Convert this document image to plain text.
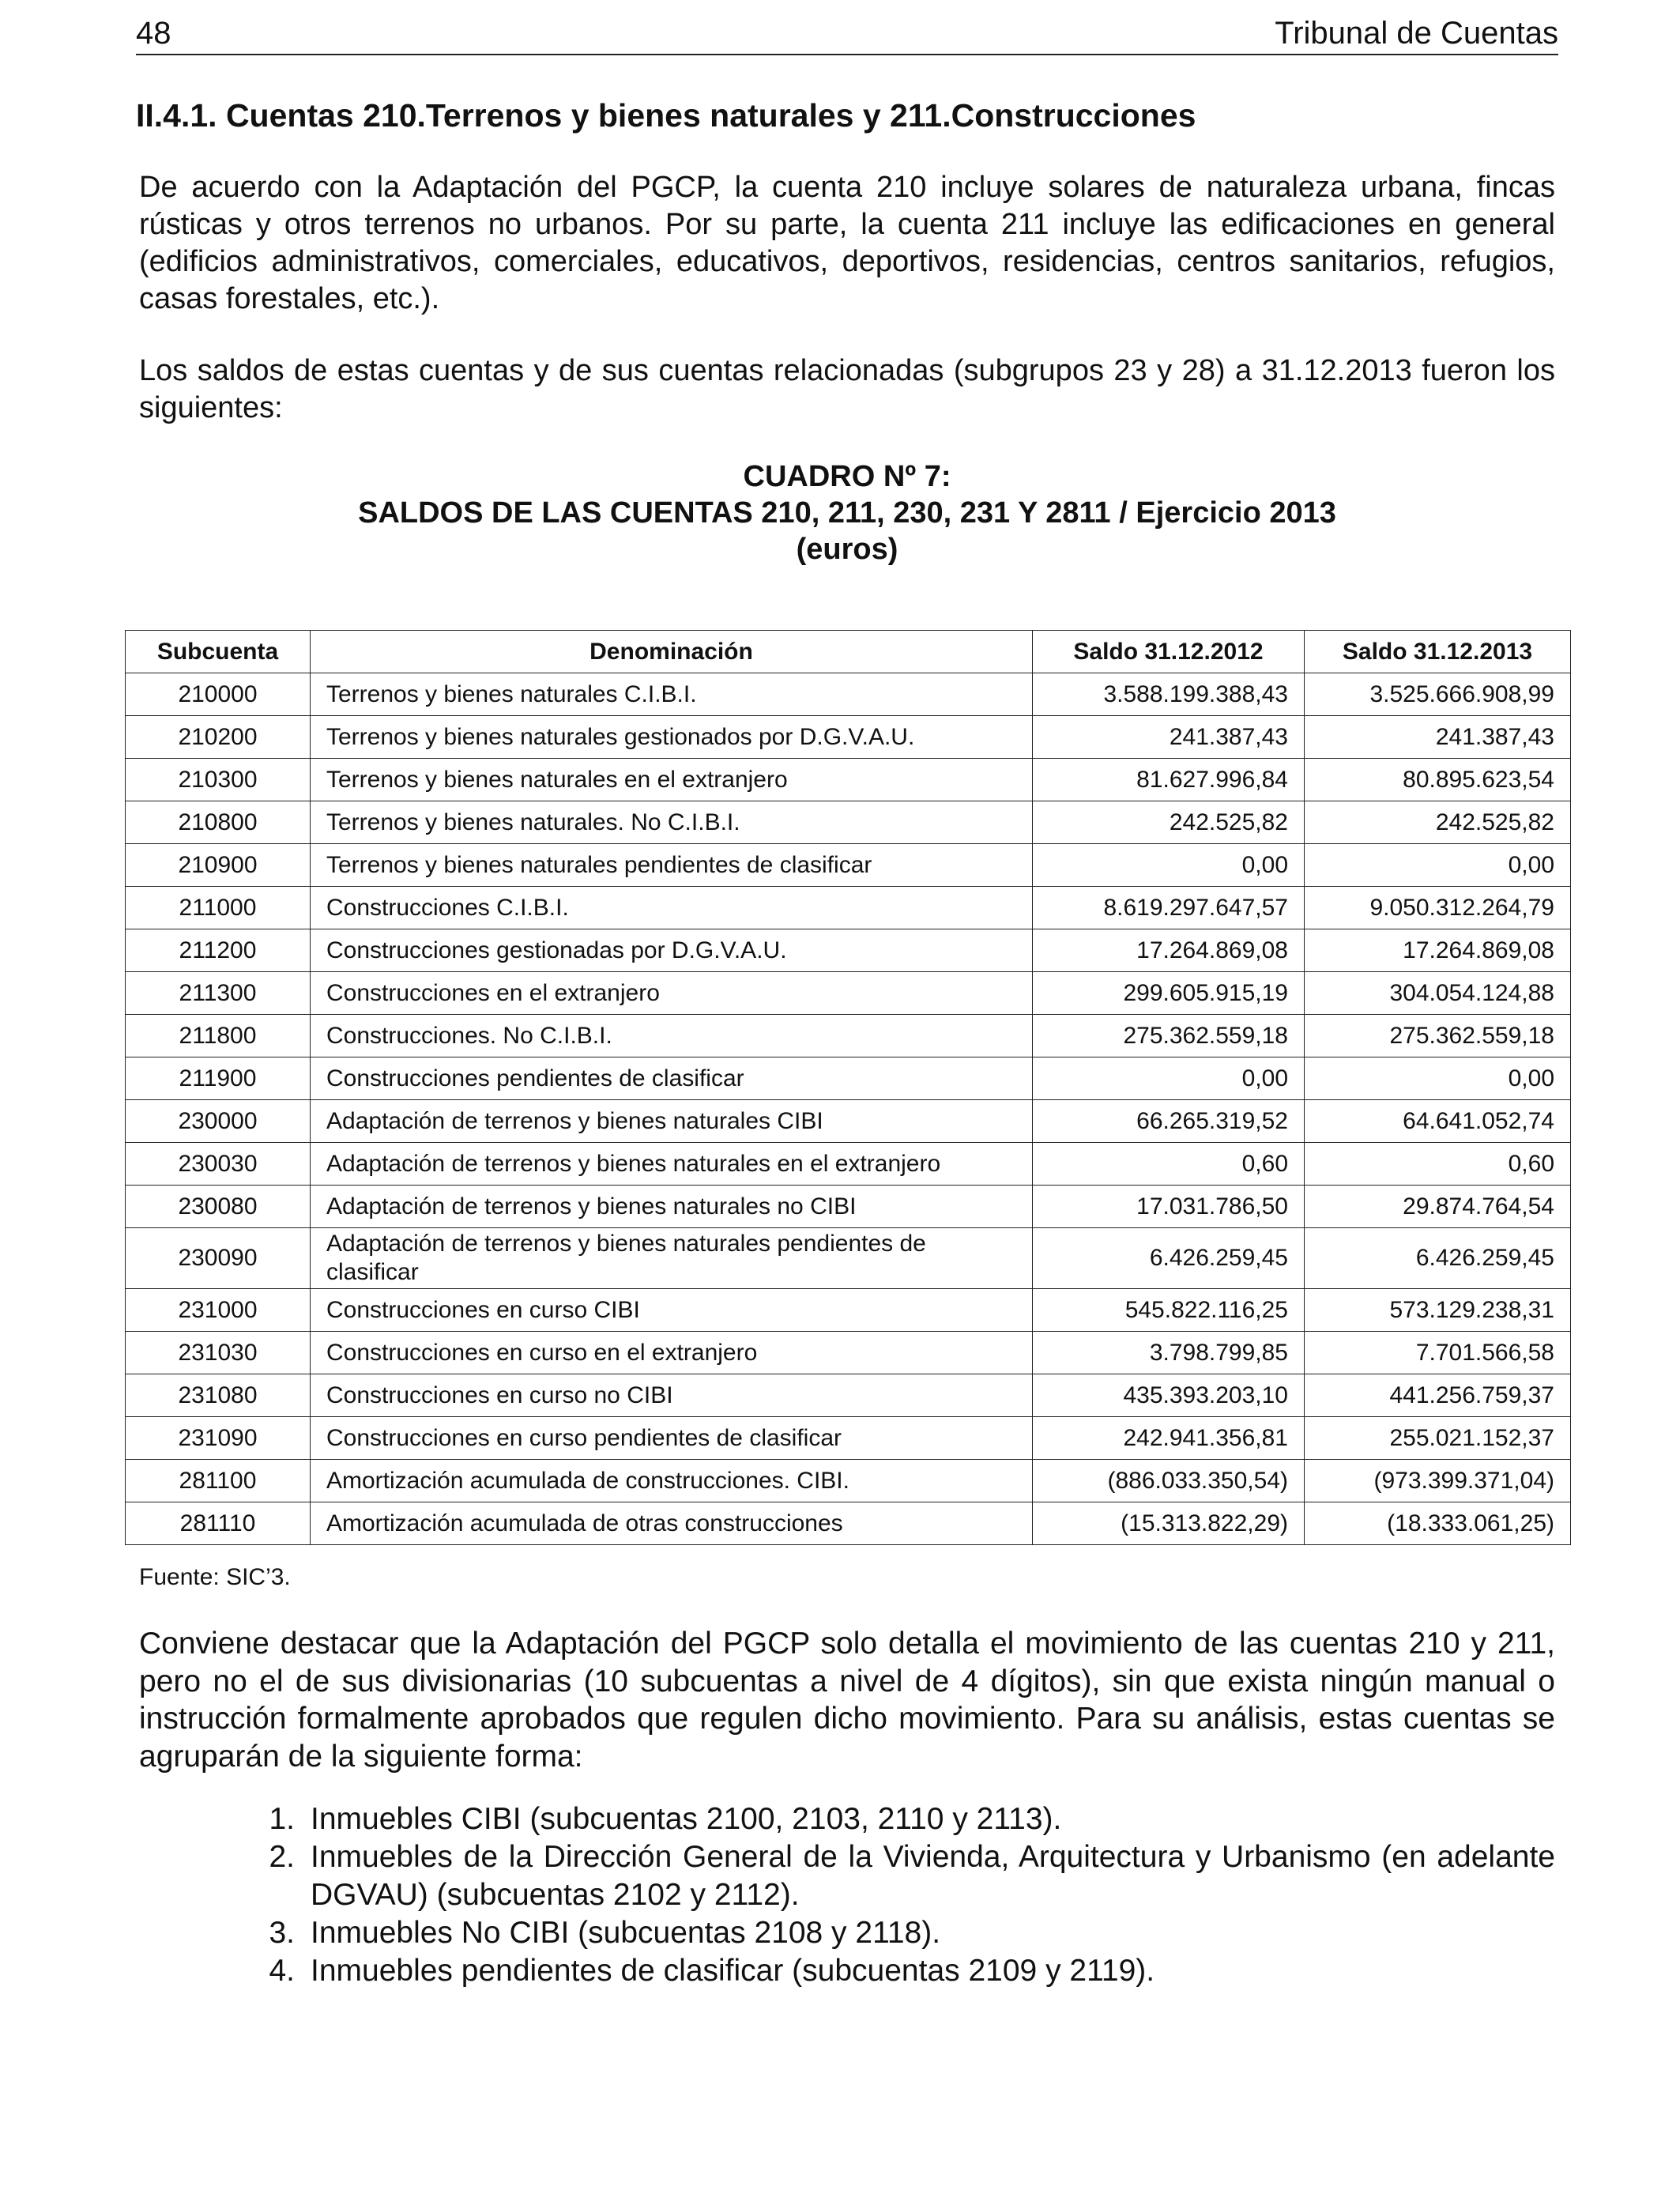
48	Tribunal de Cuentas
II.4.1. Cuentas 210.Terrenos y bienes naturales y 211.Construcciones

De acuerdo con la Adaptación del PGCP, la cuenta 210 incluye solares de naturaleza urbana, fincas rústicas y otros terrenos no urbanos. Por su parte, la cuenta 211 incluye las edificaciones en general (edificios administrativos, comerciales, educativos, deportivos, residencias, centros sanitarios, refugios, casas forestales, etc.).

Los saldos de estas cuentas y de sus cuentas relacionadas (subgrupos 23 y 28) a 31.12.2013 fueron los siguientes:

CUADRO Nº 7:
SALDOS DE LAS CUENTAS 210, 211, 230, 231 Y 2811 / Ejercicio 2013
(euros)
Subcuenta	Denominación	Saldo 31.12.2012	Saldo 31.12.2013
210000	Terrenos y bienes naturales C.I.B.I.	3.588.199.388,43	3.525.666.908,99
210200	Terrenos y bienes naturales gestionados por D.G.V.A.U.	241.387,43	241.387,43
210300	Terrenos y bienes naturales en el extranjero	81.627.996,84	80.895.623,54
210800	Terrenos y bienes naturales. No C.I.B.I.	242.525,82	242.525,82
210900	Terrenos y bienes naturales pendientes de clasificar	0,00	0,00
211000	Construcciones C.I.B.I.	8.619.297.647,57	9.050.312.264,79
211200	Construcciones gestionadas por D.G.V.A.U.	17.264.869,08	17.264.869,08
211300	Construcciones en el extranjero	299.605.915,19	304.054.124,88
211800	Construcciones. No C.I.B.I.	275.362.559,18	275.362.559,18
211900	Construcciones pendientes de clasificar	0,00	0,00
230000	Adaptación de terrenos y bienes naturales CIBI	66.265.319,52	64.641.052,74
230030	Adaptación de terrenos y bienes naturales en el extranjero	0,60	0,60
230080	Adaptación de terrenos y bienes naturales no CIBI	17.031.786,50	29.874.764,54
230090	Adaptación de terrenos y bienes naturales pendientes de clasificar	6.426.259,45	6.426.259,45
231000	Construcciones en curso CIBI	545.822.116,25	573.129.238,31
231030	Construcciones en curso en el extranjero	3.798.799,85	7.701.566,58
231080	Construcciones en curso no CIBI	435.393.203,10	441.256.759,37
231090	Construcciones en curso pendientes de clasificar	242.941.356,81	255.021.152,37
281100	Amortización acumulada de construcciones. CIBI.	(886.033.350,54)	(973.399.371,04)
281110	Amortización acumulada de otras construcciones	(15.313.822,29)	(18.333.061,25)
Fuente: SIC’3.

Conviene destacar que la Adaptación del PGCP solo detalla el movimiento de las cuentas 210 y 211, pero no el de sus divisionarias (10 subcuentas a nivel de 4 dígitos), sin que exista ningún manual o instrucción formalmente aprobados que regulen dicho movimiento. Para su análisis, estas cuentas se agruparán de la siguiente forma:

1. Inmuebles CIBI (subcuentas 2100, 2103, 2110 y 2113).
2. Inmuebles de la Dirección General de la Vivienda, Arquitectura y Urbanismo (en adelante DGVAU) (subcuentas 2102 y 2112).
3. Inmuebles No CIBI (subcuentas 2108 y 2118).
4. Inmuebles pendientes de clasificar (subcuentas 2109 y 2119).
